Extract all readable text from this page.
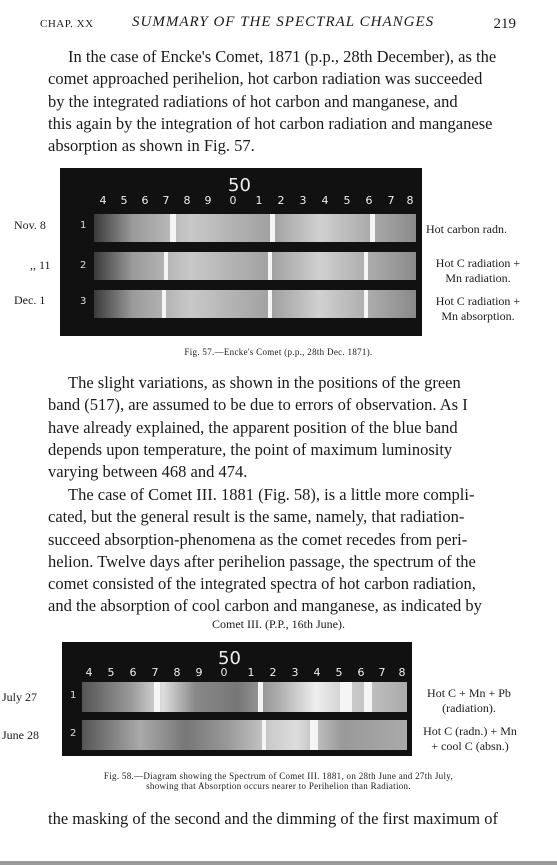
CHAP. XX	SUMMARY OF THE SPECTRAL CHANGES	219
In the case of Encke's Comet, 1871 (p.p., 28th December), as the
comet approached perihelion, hot carbon radiation was succeeded
by the integrated radiations of hot carbon and manganese, and
this again by the integration of hot carbon radiation and manganese
absorption as shown in Fig. 57.
50
4	5	6	7	8	9	0	1	2	3	4	5	6	7	8
1
2
3
Nov. 8
,, 11
Dec. 1
Hot carbon radn.
Hot C radiation +
Mn radiation.
Hot C radiation +
Mn absorption.
Fig. 57.—Encke's Comet (p.p., 28th Dec. 1871).
The slight variations, as shown in the positions of the green
band (517), are assumed to be due to errors of observation. As I
have already explained, the apparent position of the blue band
depends upon temperature, the point of maximum luminosity
varying between 468 and 474.
The case of Comet III. 1881 (Fig. 58), is a little more compli-
cated, but the general result is the same, namely, that radiation-
succeed absorption-phenomena as the comet recedes from peri-
helion. Twelve days after perihelion passage, the spectrum of the
comet consisted of the integrated spectra of hot carbon radiation,
and the absorption of cool carbon and manganese, as indicated by
Comet III. (P.P., 16th June).
50
4	5	6	7	8	9	0	1	2	3	4	5	6	7	8
1
2
July 27
June 28
Hot C + Mn + Pb
(radiation).
Hot C (radn.) + Mn
+ cool C (absn.)
Fig. 58.—Diagram showing the Spectrum of Comet III. 1881, on 28th June and 27th July,
showing that Absorption occurs nearer to Perihelion than Radiation.
the masking of the second and the dimming of the first maximum of
